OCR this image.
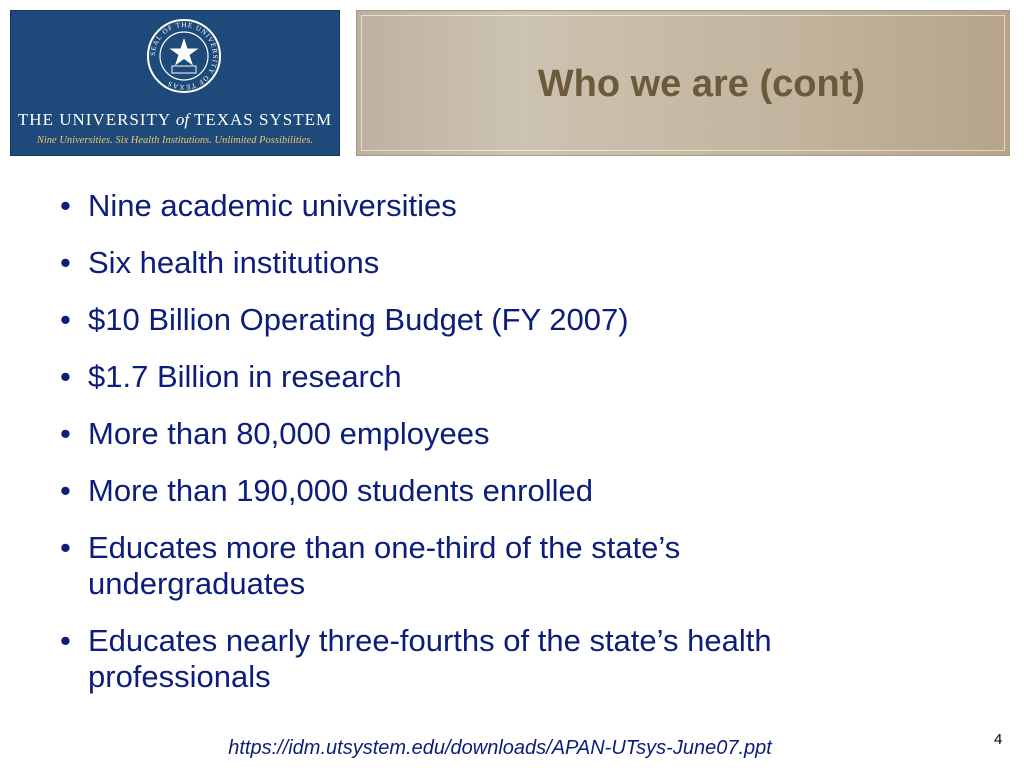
SEAL OF THE UNIVERSITY OF TEXAS
THE UNIVERSITY of TEXAS SYSTEM
Nine Universities. Six Health Institutions. Unlimited Possibilities.
Who we are (cont)
• Nine academic universities
• Six health institutions
• $10 Billion Operating Budget (FY 2007)
• $1.7 Billion in research
• More than 80,000 employees
• More than 190,000 students enrolled
• Educates more than one-third of the state’s undergraduates
• Educates nearly three-fourths of the state’s health professionals
https://idm.utsystem.edu/downloads/APAN-UTsys-June07.ppt	4
